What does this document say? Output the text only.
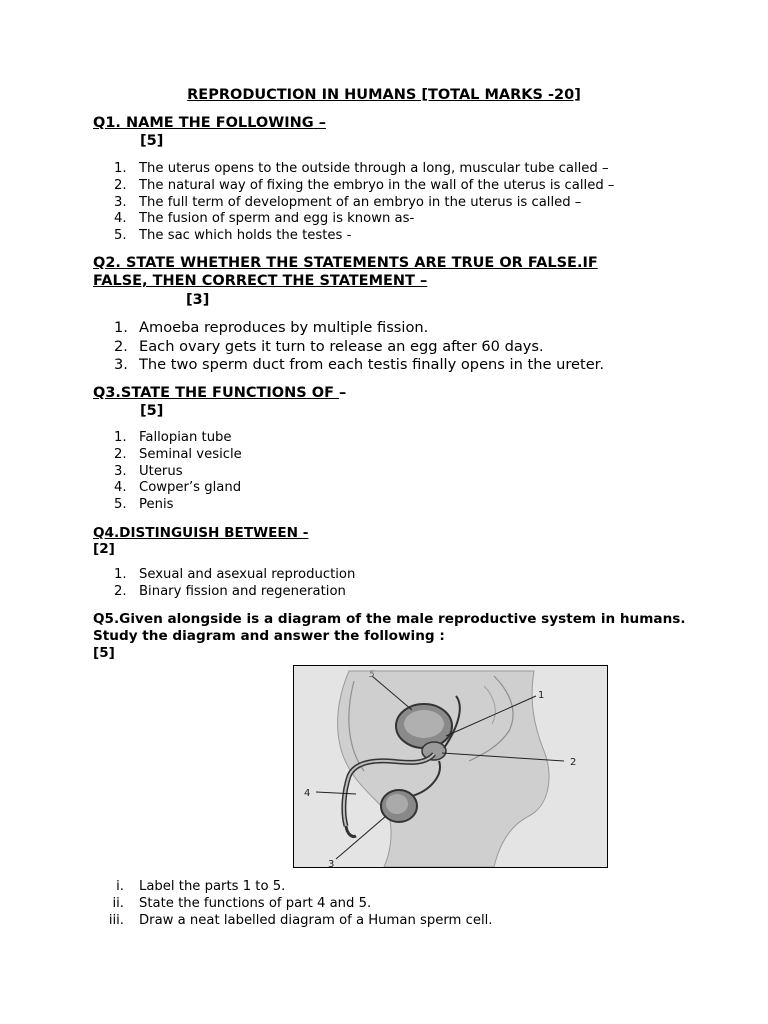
REPRODUCTION IN HUMANS [TOTAL MARKS -20]
Q1. NAME THE FOLLOWING –
[5]
1. The uterus opens to the outside through a long, muscular tube called –
2. The natural way of fixing the embryo in the wall of the uterus is called –
3. The full term of development of an embryo in the uterus is called –
4. The fusion of sperm and egg is known as-
5. The sac which holds the testes -
Q2. STATE WHETHER THE STATEMENTS ARE TRUE OR FALSE.IF
FALSE, THEN CORRECT THE STATEMENT –
[3]
1. Amoeba reproduces by multiple fission.
2. Each ovary gets it turn to release an egg after 60 days.
3. The two sperm duct from each testis finally opens in the ureter.
Q3.STATE THE FUNCTIONS OF –
[5]
1. Fallopian tube
2. Seminal vesicle
3. Uterus
4. Cowper’s gland
5. Penis
Q4.DISTINGUISH BETWEEN -
[2]
1. Sexual and asexual reproduction
2. Binary fission and regeneration
Q5.Given alongside is a diagram of the male reproductive system in humans. Study the diagram and answer the following :
[5]
5
1
2
4
3
i. Label the parts 1 to 5.
ii. State the functions of part 4 and 5.
iii. Draw a neat labelled diagram of a Human sperm cell.
